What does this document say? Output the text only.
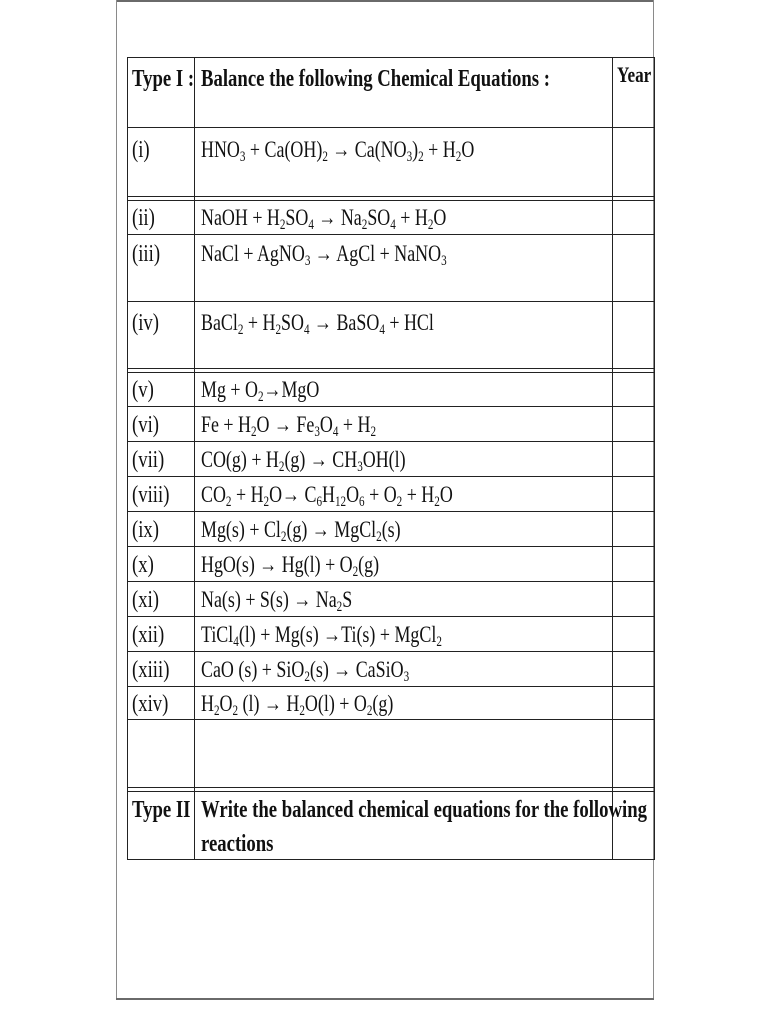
Type I : Balance the following Chemical Equations :	Year
(i) $HNO_3 + Ca(OH)_2 \to Ca(NO_3)_2 + H_2O$
(ii) NaOH + $H_2SO_4 \to Na_2SO_4 + H_2O$
(iii) NaCl + AgNO$_3$ → AgCl + NaNO$_3$
(iv) BaCl$_2$ + $H_2SO_4$ → BaSO$_4$ + HCl
(v) $Mg + O_2\to MgO$
(vi) $Fe + H_2O \to Fe_3O_4 + H_2$
(vii) $CO(g) + H_2(g) \to CH_3OH(l)$
(viii) $CO_2 + H_2O\to C_6H_{12}O_6 + O_2 + H_2O$
(ix) $Mg(s) + Cl_2(g)$ → MgCl$_2$(s)
(x) $HgO(s) \to Hg(l) + O_2(g)$
(xi) $Na(s) + S(s) \to Na_2S$
(xii) TiCl$_4$(l) + Mg(s) →Ti(s) + MgCl$_2$
(xiii) CaO (s) + SiO$_2$(s) → CaSiO$_3$
(xiv) $H_2O_2$ $(l) \to H_2O(l) + O_2(g)$
Type II Write the balanced chemical equations for the following
reactions
